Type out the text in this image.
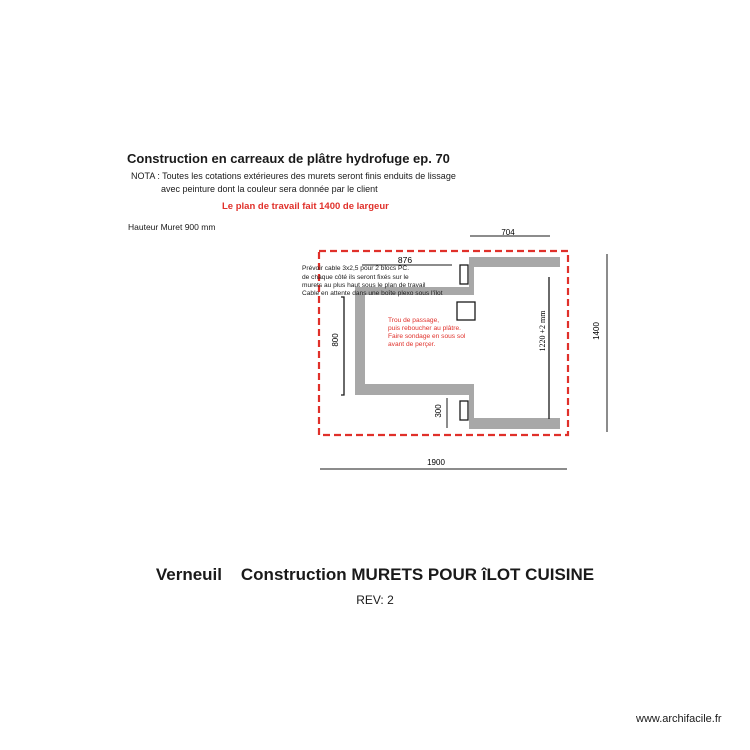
Construction en carreaux de plâtre hydrofuge ep. 70
NOTA : Toutes les cotations extérieures des murets seront finis enduits de lissage
avec peinture dont la couleur sera donnée par le client
Le plan de travail fait 1400 de largeur
Hauteur Muret 900 mm
704
876
1400
1220 +2 mm
800
300
1900
Prévoir cable 3x2,5 pour 2 blocs PC.
de chaque côté ils seront fixés sur le
murets au plus haut sous le plan de travail
Cable en attente dans une boîte plexo sous l'îlot
Trou de passage,
puis reboucher au plâtre.
Faire sondage en sous sol
avant de perçer.
Verneuil    Construction MURETS POUR îLOT CUISINE
REV: 2
www.archifacile.fr
